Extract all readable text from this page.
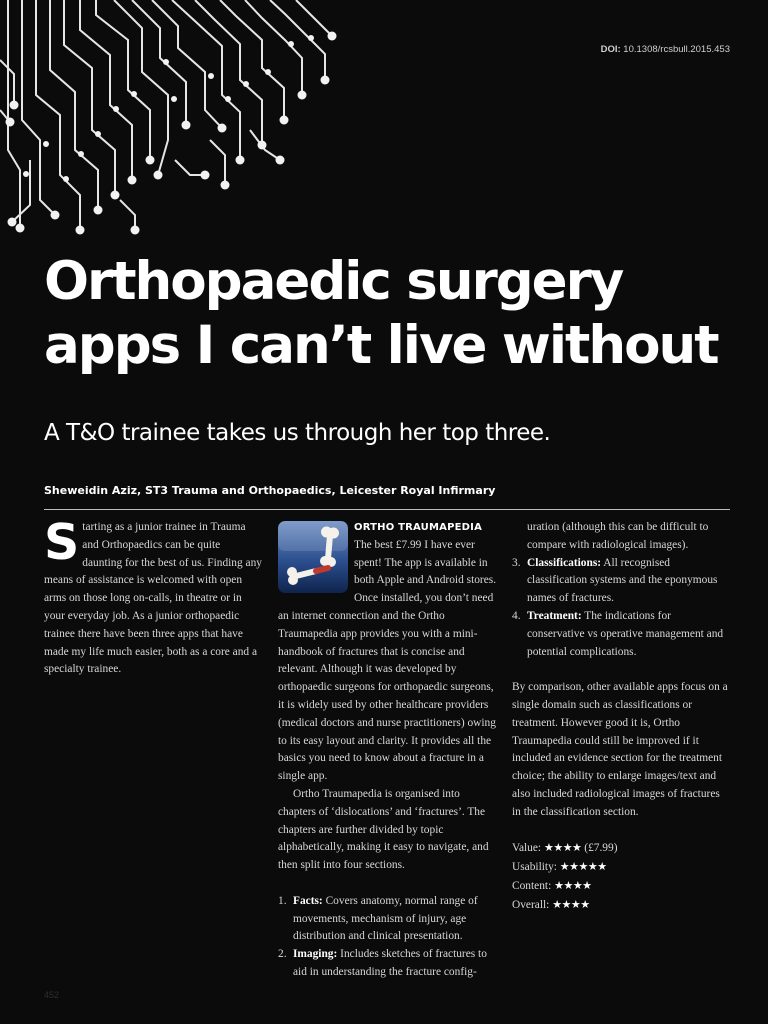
DOI: 10.1308/rcsbull.2015.453
Orthopaedic surgery
apps I can’t live without
A T&O trainee takes us through her top three.
Sheweidin Aziz, ST3 Trauma and Orthopaedics, Leicester Royal Infirmary

Starting as a junior trainee in Trauma and Orthopaedics can be quite daunting for the best of us. Finding any means of assistance is welcomed with open arms on those long on-calls, in theatre or in your everyday job. As a junior orthopaedic trainee there have been three apps that have made my life much easier, both as a core and a specialty trainee.

ORTHO TRAUMAPEDIA

The best £7.99 I have ever spent! The app is available in both Apple and Android stores. Once installed, you don’t need an internet connection and the Ortho Traumapedia app provides you with a mini-handbook of fractures that is concise and relevant. Although it was developed by orthopaedic surgeons for orthopaedic surgeons, it is widely used by other healthcare providers (medical doctors and nurse practitioners) owing to its easy layout and clarity. It provides all the basics you need to know about a fracture in a single app.

Ortho Traumapedia is organised into chapters of ‘dislocations’ and ‘fractures’. The chapters are further divided by topic alphabetically, making it easy to navigate, and then split into four sections.

1. Facts: Covers anatomy, normal range of movements, mechanism of injury, age distribution and clinical presentation.
2. Imaging: Includes sketches of fractures to aid in understanding the fracture config-

uration (although this can be difficult to compare with radiological images).

3. Classifications: All recognised classification systems and the eponymous names of fractures.
4. Treatment: The indications for conservative vs operative management and potential complications.

By comparison, other available apps focus on a single domain such as classifications or treatment. However good it is, Ortho Traumapedia could still be improved if it included an evidence section for the treatment choice; the ability to enlarge images/text and also included radiological images of fractures in the classification section.

Value: ★★★★ (£7.99)
Usability: ★★★★★
Content: ★★★★
Overall: ★★★★
452
